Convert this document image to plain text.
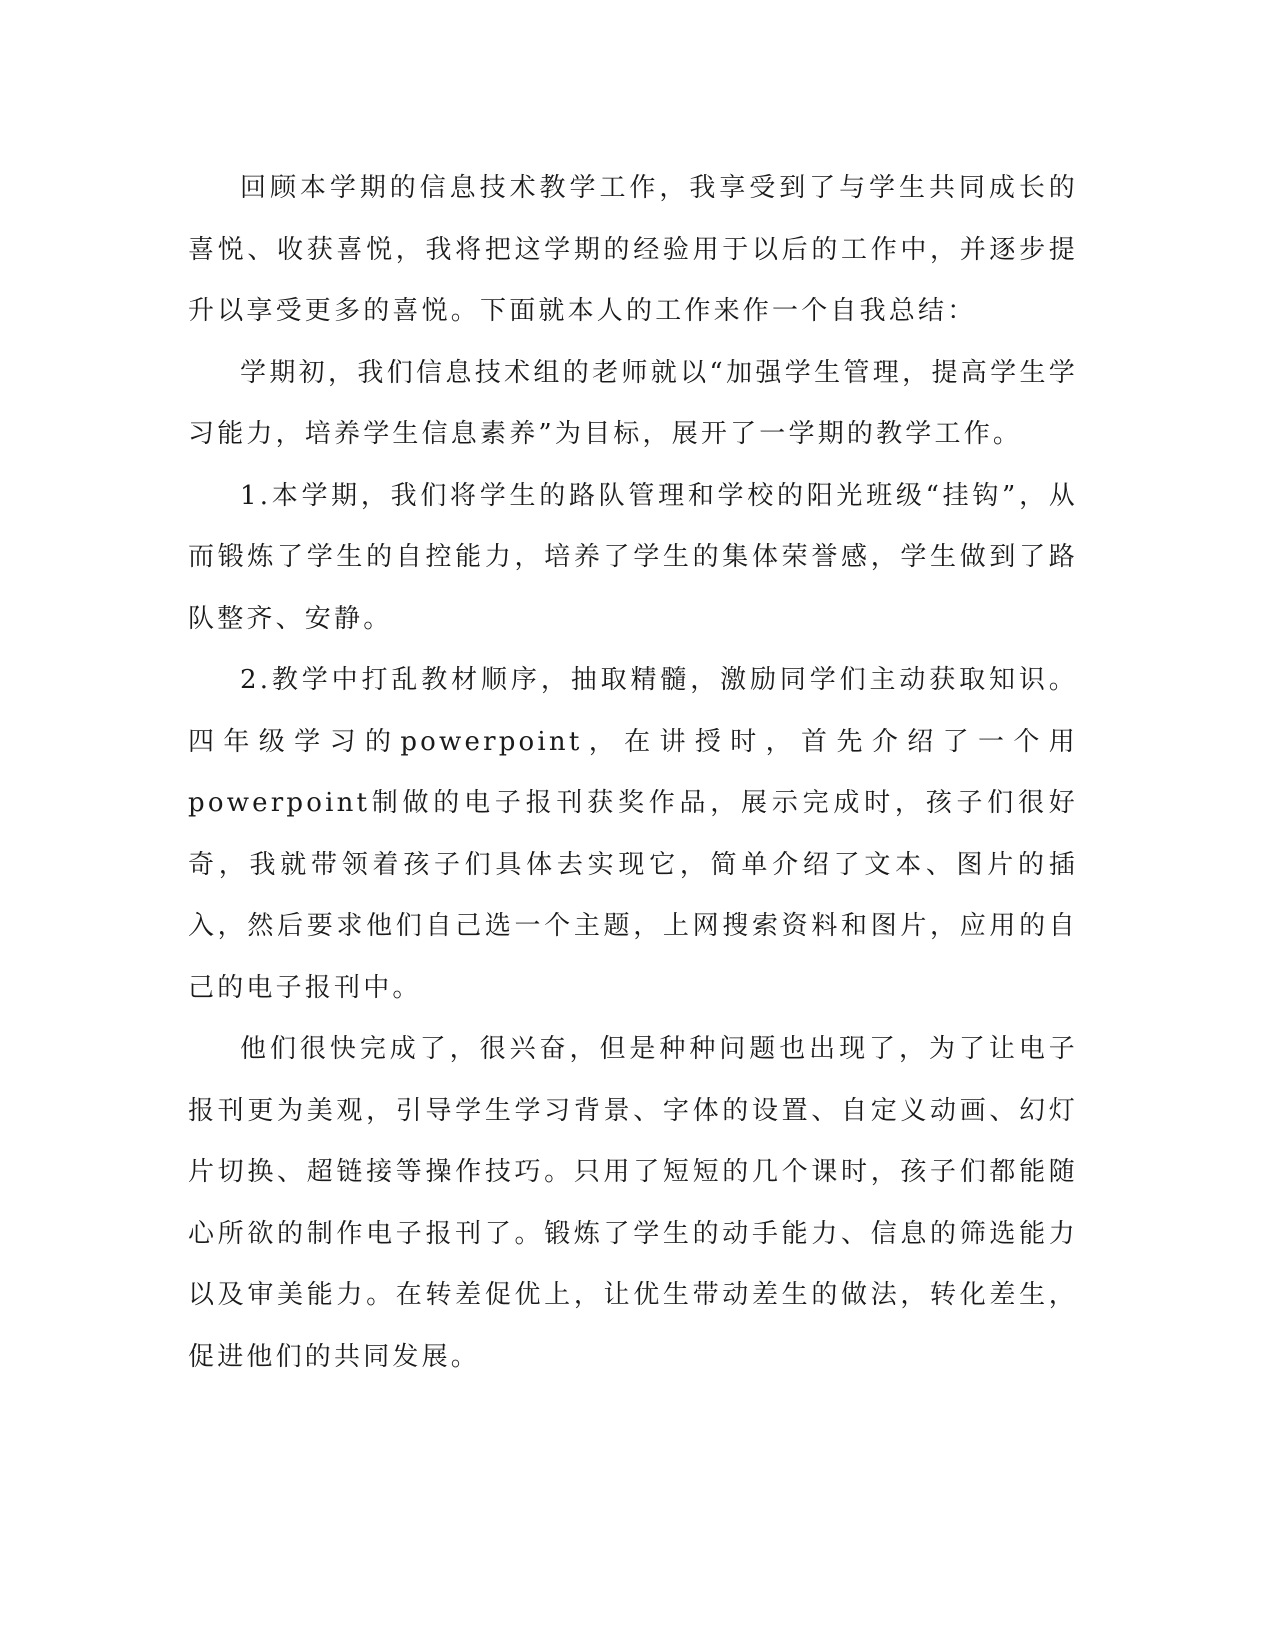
回顾本学期的信息技术教学工作，我享受到了与学生共同成长的喜悦、收获喜悦，我将把这学期的经验用于以后的工作中，并逐步提升以享受更多的喜悦。下面就本人的工作来作一个自我总结：

学期初，我们信息技术组的老师就以“加强学生管理，提高学生学习能力，培养学生信息素养”为目标，展开了一学期的教学工作。

1.本学期，我们将学生的路队管理和学校的阳光班级“挂钩”，从而锻炼了学生的自控能力，培养了学生的集体荣誉感，学生做到了路队整齐、安静。

2.教学中打乱教材顺序，抽取精髓，激励同学们主动获取知识。四年级学习的powerpoint，在讲授时，首先介绍了一个用powerpoint制做的电子报刊获奖作品，展示完成时，孩子们很好奇，我就带领着孩子们具体去实现它，简单介绍了文本、图片的插入，然后要求他们自己选一个主题，上网搜索资料和图片，应用的自己的电子报刊中。

他们很快完成了，很兴奋，但是种种问题也出现了，为了让电子报刊更为美观，引导学生学习背景、字体的设置、自定义动画、幻灯片切换、超链接等操作技巧。只用了短短的几个课时，孩子们都能随心所欲的制作电子报刊了。锻炼了学生的动手能力、信息的筛选能力以及审美能力。在转差促优上，让优生带动差生的做法，转化差生，促进他们的共同发展。
